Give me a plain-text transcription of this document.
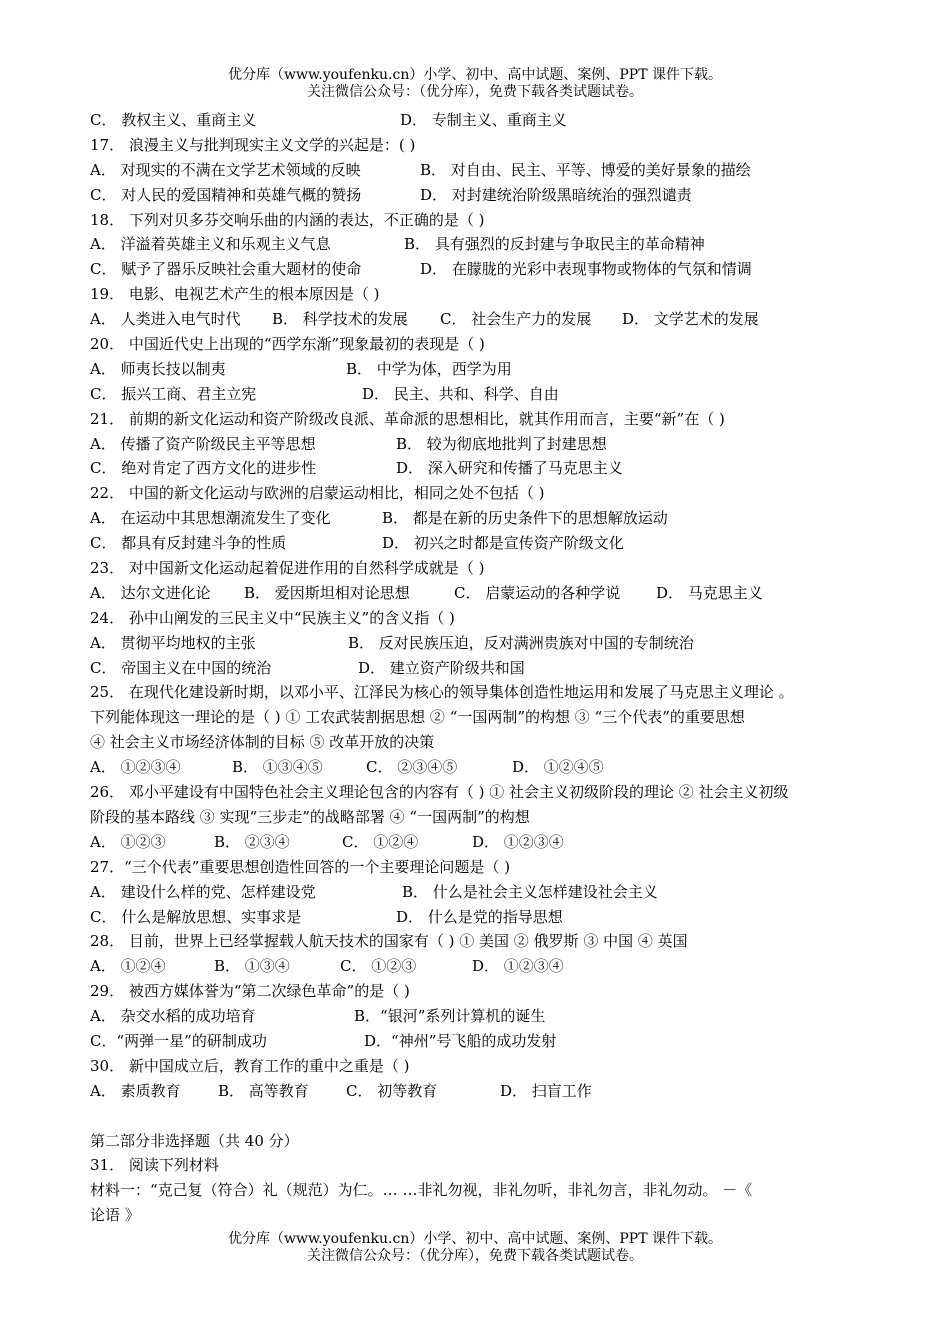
优分库（www.youfenku.cn）小学、初中、高中试题、案例、PPT 课件下载。
关注微信公众号：（优分库），免费下载各类试题试卷。
C． 教权主义、重商主义	D． 专制主义、重商主义
17． 浪漫主义与批判现实主义文学的兴起是：( )
A． 对现实的不满在文学艺术领域的反映	B． 对自由、民主、平等、博爱的美好景象的描绘
C． 对人民的爱国精神和英雄气概的赞扬	D． 对封建统治阶级黑暗统治的强烈谴责
18． 下列对贝多芬交响乐曲的内涵的表达，不正确的是（ )
A． 洋溢着英雄主义和乐观主义气息	B． 具有强烈的反封建与争取民主的革命精神
C． 赋予了器乐反映社会重大题材的使命	D． 在朦胧的光彩中表现事物或物体的气氛和情调
19． 电影、电视艺术产生的根本原因是（ )
A． 人类进入电气时代 B． 科学技术的发展 C． 社会生产力的发展 D． 文学艺术的发展
20． 中国近代史上出现的“西学东渐”现象最初的表现是（ )
A． 师夷长技以制夷	B． 中学为体，西学为用
C． 振兴工商、君主立宪	D． 民主、共和、科学、自由
21． 前期的新文化运动和资产阶级改良派、革命派的思想相比，就其作用而言，主要“新”在（ )
A． 传播了资产阶级民主平等思想	B． 较为彻底地批判了封建思想
C． 绝对肯定了西方文化的进步性	D． 深入研究和传播了马克思主义
22． 中国的新文化运动与欧洲的启蒙运动相比，相同之处不包括（ )
A． 在运动中其思想潮流发生了变化	B． 都是在新的历史条件下的思想解放运动
C． 都具有反封建斗争的性质	D． 初兴之时都是宣传资产阶级文化
23． 对中国新文化运动起着促进作用的自然科学成就是（ )
A． 达尔文进化论 B． 爱因斯坦相对论思想	C． 启蒙运动的各种学说 D． 马克思主义
24． 孙中山阐发的三民主义中“民族主义”的含义指（ )
A． 贯彻平均地权的主张	B． 反对民族压迫，反对满洲贵族对中国的专制统治
C． 帝国主义在中国的统治	D． 建立资产阶级共和国
25． 在现代化建设新时期，以邓小平、江泽民为核心的领导集体创造性地运用和发展了马克思主义理论 。
下列能体现这一理论的是（ ) ① 工农武装割据思想 ② “一国两制”的构想 ③ “三个代表”的重要思想
④ 社会主义市场经济体制的目标 ⑤ 改革开放的决策
A． ①②③④	B． ①③④⑤	C． ②③④⑤	D． ①②④⑤
26． 邓小平建设有中国特色社会主义理论包含的内容有（ ) ① 社会主义初级阶段的理论 ② 社会主义初级
阶段的基本路线 ③ 实现“三步走”的战略部署 ④ “一国两制”的构想
A． ①②③	B． ②③④	C． ①②④	D． ①②③④
27．“三个代表”重要思想创造性回答的一个主要理论问题是（ )
A． 建设什么样的党、怎样建设党	B． 什么是社会主义怎样建设社会主义
C． 什么是解放思想、实事求是	D． 什么是党的指导思想
28． 目前，世界上已经掌握载人航天技术的国家有（ ) ① 美国 ② 俄罗斯 ③ 中国 ④ 英国
A． ①②④	B． ①③④	C． ①②③	D． ①②③④
29． 被西方媒体誉为“第二次绿色革命”的是（ )
A． 杂交水稻的成功培育	B．“银河”系列计算机的诞生
C．“两弹一星”的研制成功	D．“神州”号飞船的成功发射
30． 新中国成立后，教育工作的重中之重是（ )
A． 素质教育 B． 高等教育 C． 初等教育	D． 扫盲工作
第二部分非选择题（共 40 分）
31． 阅读下列材料
材料一：“克己复（符合）礼（规范）为仁。… …非礼勿视，非礼勿听，非礼勿言，非礼勿动。 －《
论语 》
优分库（www.youfenku.cn）小学、初中、高中试题、案例、PPT 课件下载。
关注微信公众号：（优分库），免费下载各类试题试卷。
